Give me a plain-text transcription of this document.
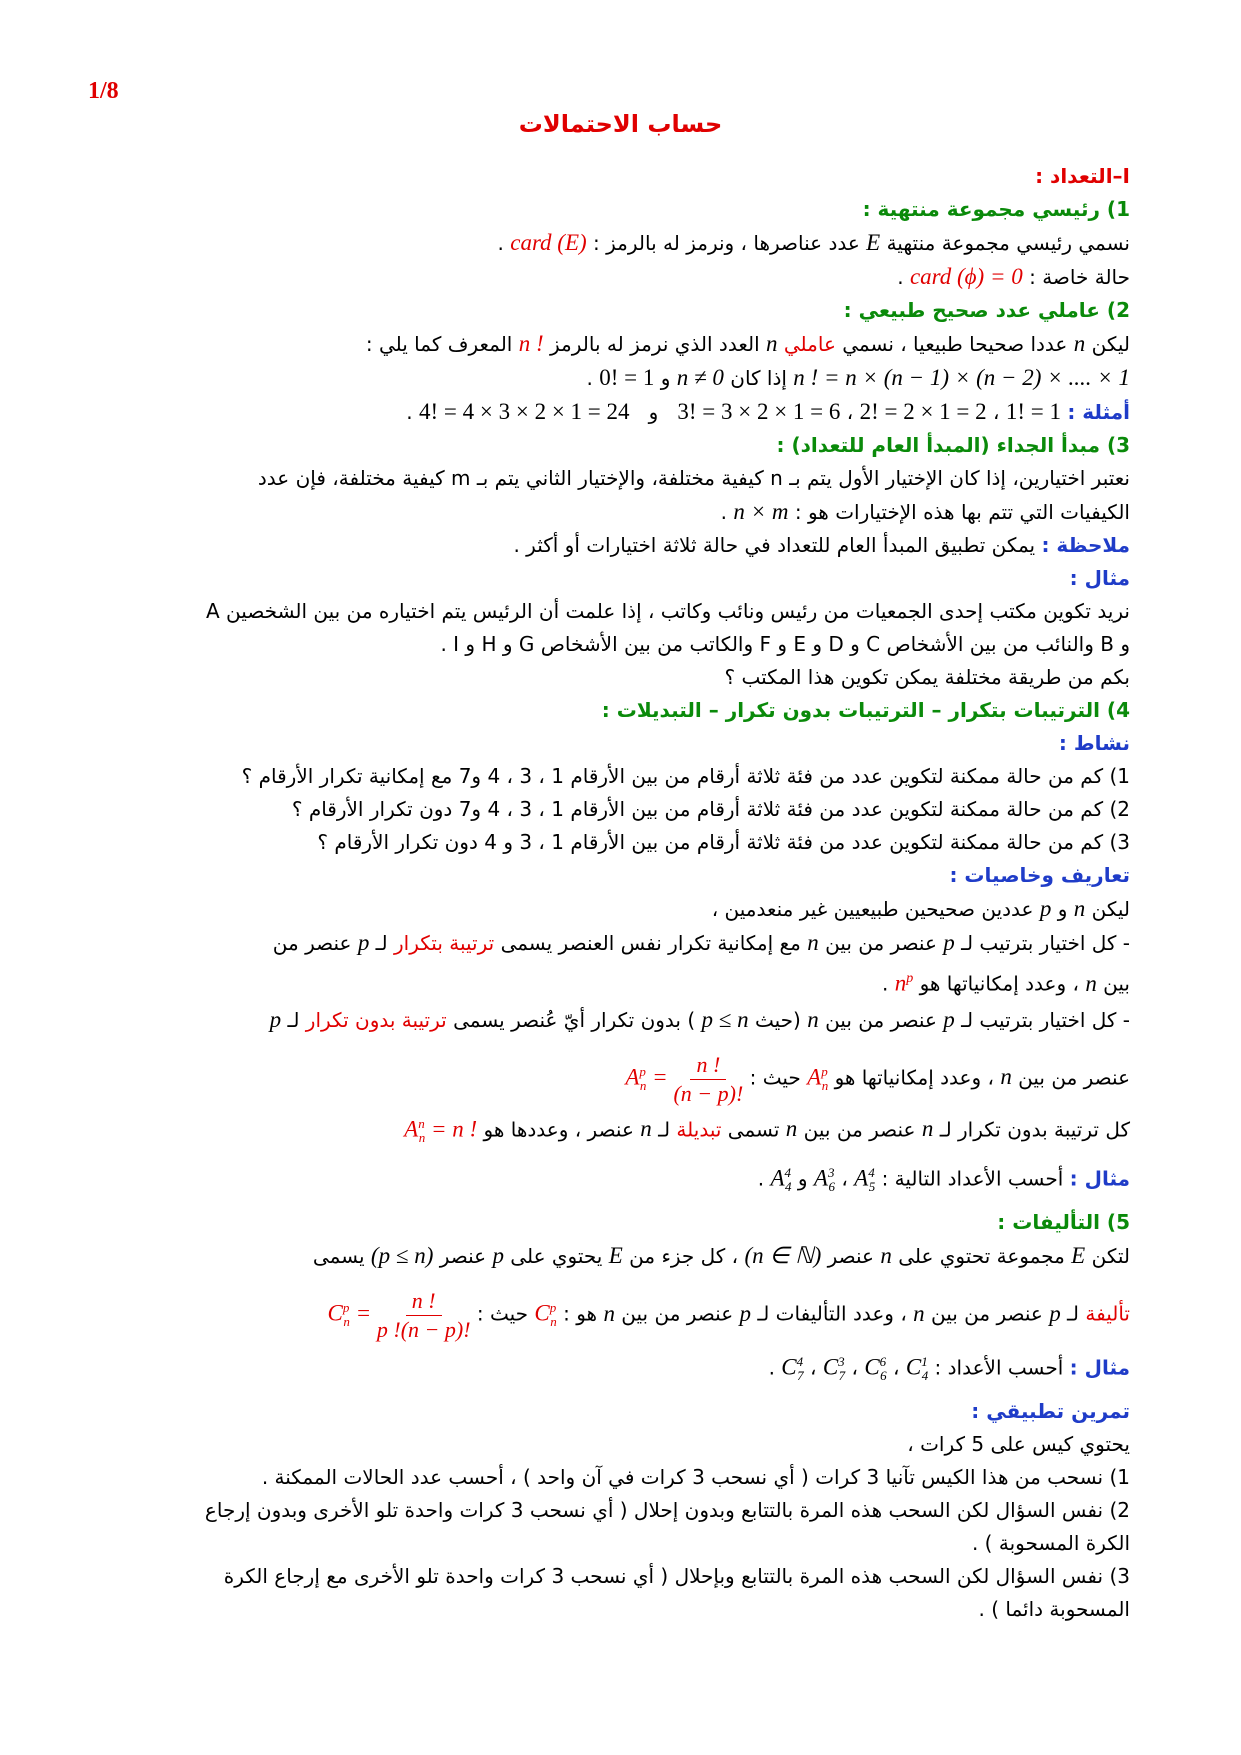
1/8
حساب الاحتمالات
I–التعداد :
1) رئيسي مجموعة منتهية :
نسمي رئيسي مجموعة منتهية E عدد عناصرها ، ونرمز له بالرمز : card (E) .
حالة خاصة : card (ϕ) = 0 .
2) عاملي عدد صحيح طبيعي :
ليكن n عددا صحيحا طبيعيا ، نسمي عاملي n العدد الذي نرمز له بالرمز n ! المعرف كما يلي :
n ! = n × (n − 1) × (n − 2) × .... × 1 إذا كان n ≠ 0 و 0! = 1 .
أمثلة : 1! = 1 ، 2! = 2 × 1 = 2 ، 3! = 3 × 2 × 1 = 6   و   4! = 4 × 3 × 2 × 1 = 24 .
3) مبدأ الجداء (المبدأ العام للتعداد) :
نعتبر اختيارين، إذا كان الإختيار الأول يتم بـ n كيفية مختلفة، والإختيار الثاني يتم بـ m كيفية مختلفة، فإن عدد
الكيفيات التي تتم بها هذه الإختيارات هو : n × m .
ملاحظة : يمكن تطبيق المبدأ العام للتعداد في حالة ثلاثة اختيارات أو أكثر .
مثال :
نريد تكوين مكتب إحدى الجمعيات من رئيس ونائب وكاتب ، إذا علمت أن الرئيس يتم اختياره من بين الشخصين A
و B والنائب من بين الأشخاص C و D و E و F والكاتب من بين الأشخاص G و H و I .
بكم من طريقة مختلفة يمكن تكوين هذا المكتب ؟
4) الترتيبات بتكرار – الترتيبات بدون تكرار – التبديلات :
نشاط :
1) كم من حالة ممكنة لتكوين عدد من فئة ثلاثة أرقام من بين الأرقام 1 ، 3 ، 4 و7 مع إمكانية تكرار الأرقام ؟
2) كم من حالة ممكنة لتكوين عدد من فئة ثلاثة أرقام من بين الأرقام 1 ، 3 ، 4 و7 دون تكرار الأرقام ؟
3) كم من حالة ممكنة لتكوين عدد من فئة ثلاثة أرقام من بين الأرقام 1 ، 3 و 4 دون تكرار الأرقام ؟
تعاريف وخاصيات :
ليكن n و p عددين صحيحين طبيعيين غير منعدمين ،
- كل اختيار بترتيب لـ p عنصر من بين n مع إمكانية تكرار نفس العنصر يسمى ترتيبة بتكرار لـ p عنصر من
بين n ، وعدد إمكانياتها هو $n^p$ .
- كل اختيار بترتيب لـ p عنصر من بين n (حيث p ≤ n ) بدون تكرار أيّ عُنصر يسمى ترتيبة بدون تكرار لـ p
عنصر من بين n ، وعدد إمكانياتها هو $A^p_n$ حيث : $A^p_n = \frac{n !}{(n - p)!}$
كل ترتيبة بدون تكرار لـ n عنصر من بين n تسمى تبديلة لـ n عنصر ، وعددها هو $A^n_n = n$ !
مثال : أحسب الأعداد التالية : $A^4_5$ ، $A^3_6$ و $A^4_4$ .
5) التأليفات :
لتكن E مجموعة تحتوي على n عنصر (n ∈ ℕ) ، كل جزء من E يحتوي على p عنصر (p ≤ n) يسمى
تأليفة لـ p عنصر من بين n ، وعدد التأليفات لـ p عنصر من بين n هو : $C^p_n$ حيث : $C^p_n = \frac{n !}{p !(n - p)!}$
مثال : أحسب الأعداد : $C^1_4$ ، $C^6_6$ ، $C^3_7$ ، $C^4_7$ .
تمرين تطبيقي :
يحتوي كيس على 5 كرات ،
1) نسحب من هذا الكيس تآنيا 3 كرات ( أي نسحب 3 كرات في آن واحد ) ، أحسب عدد الحالات الممكنة .
2) نفس السؤال لكن السحب هذه المرة بالتتابع وبدون إحلال ( أي نسحب 3 كرات واحدة تلو الأخرى وبدون إرجاع
الكرة المسحوبة ) .
3) نفس السؤال لكن السحب هذه المرة بالتتابع وبإحلال ( أي نسحب 3 كرات واحدة تلو الأخرى مع إرجاع الكرة
المسحوبة دائما ) .
